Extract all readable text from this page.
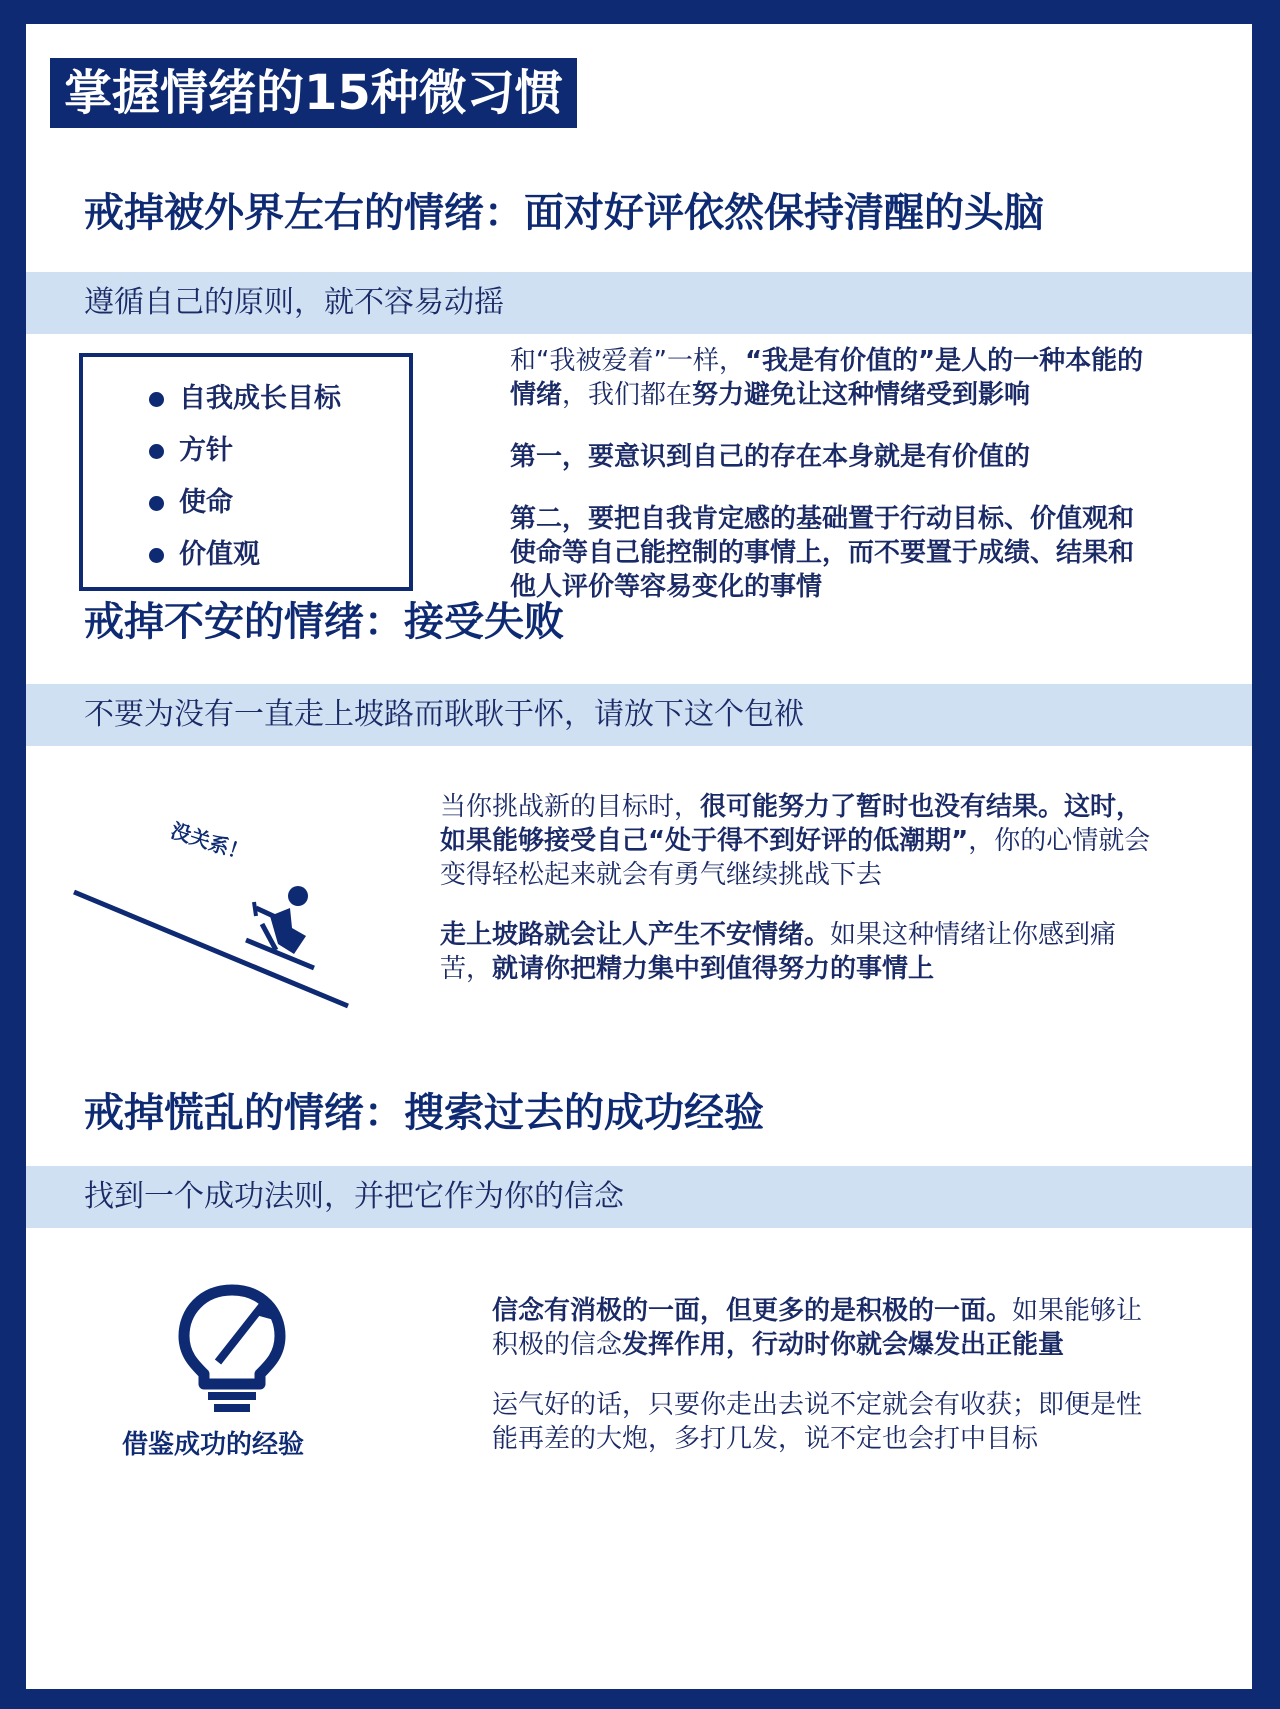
掌握情绪的15种微习惯
戒掉被外界左右的情绪：面对好评依然保持清醒的头脑
遵循自己的原则，就不容易动摇
自我成长目标
方针
使命
价值观
和“我被爱着”一样，“我是有价值的”是人的一种本能的情绪，我们都在努力避免让这种情绪受到影响
第一，要意识到自己的存在本身就是有价值的
第二，要把自我肯定感的基础置于行动目标、价值观和使命等自己能控制的事情上，而不要置于成绩、结果和他人评价等容易变化的事情
戒掉不安的情绪：接受失败
不要为没有一直走上坡路而耿耿于怀，请放下这个包袱
没关系！
当你挑战新的目标时，很可能努力了暂时也没有结果。这时，如果能够接受自己“处于得不到好评的低潮期”，你的心情就会变得轻松起来就会有勇气继续挑战下去
走上坡路就会让人产生不安情绪。如果这种情绪让你感到痛苦，就请你把精力集中到值得努力的事情上
戒掉慌乱的情绪：搜索过去的成功经验
找到一个成功法则，并把它作为你的信念
借鉴成功的经验
信念有消极的一面，但更多的是积极的一面。如果能够让积极的信念发挥作用，行动时你就会爆发出正能量
运气好的话，只要你走出去说不定就会有收获；即便是性能再差的大炮，多打几发，说不定也会打中目标
